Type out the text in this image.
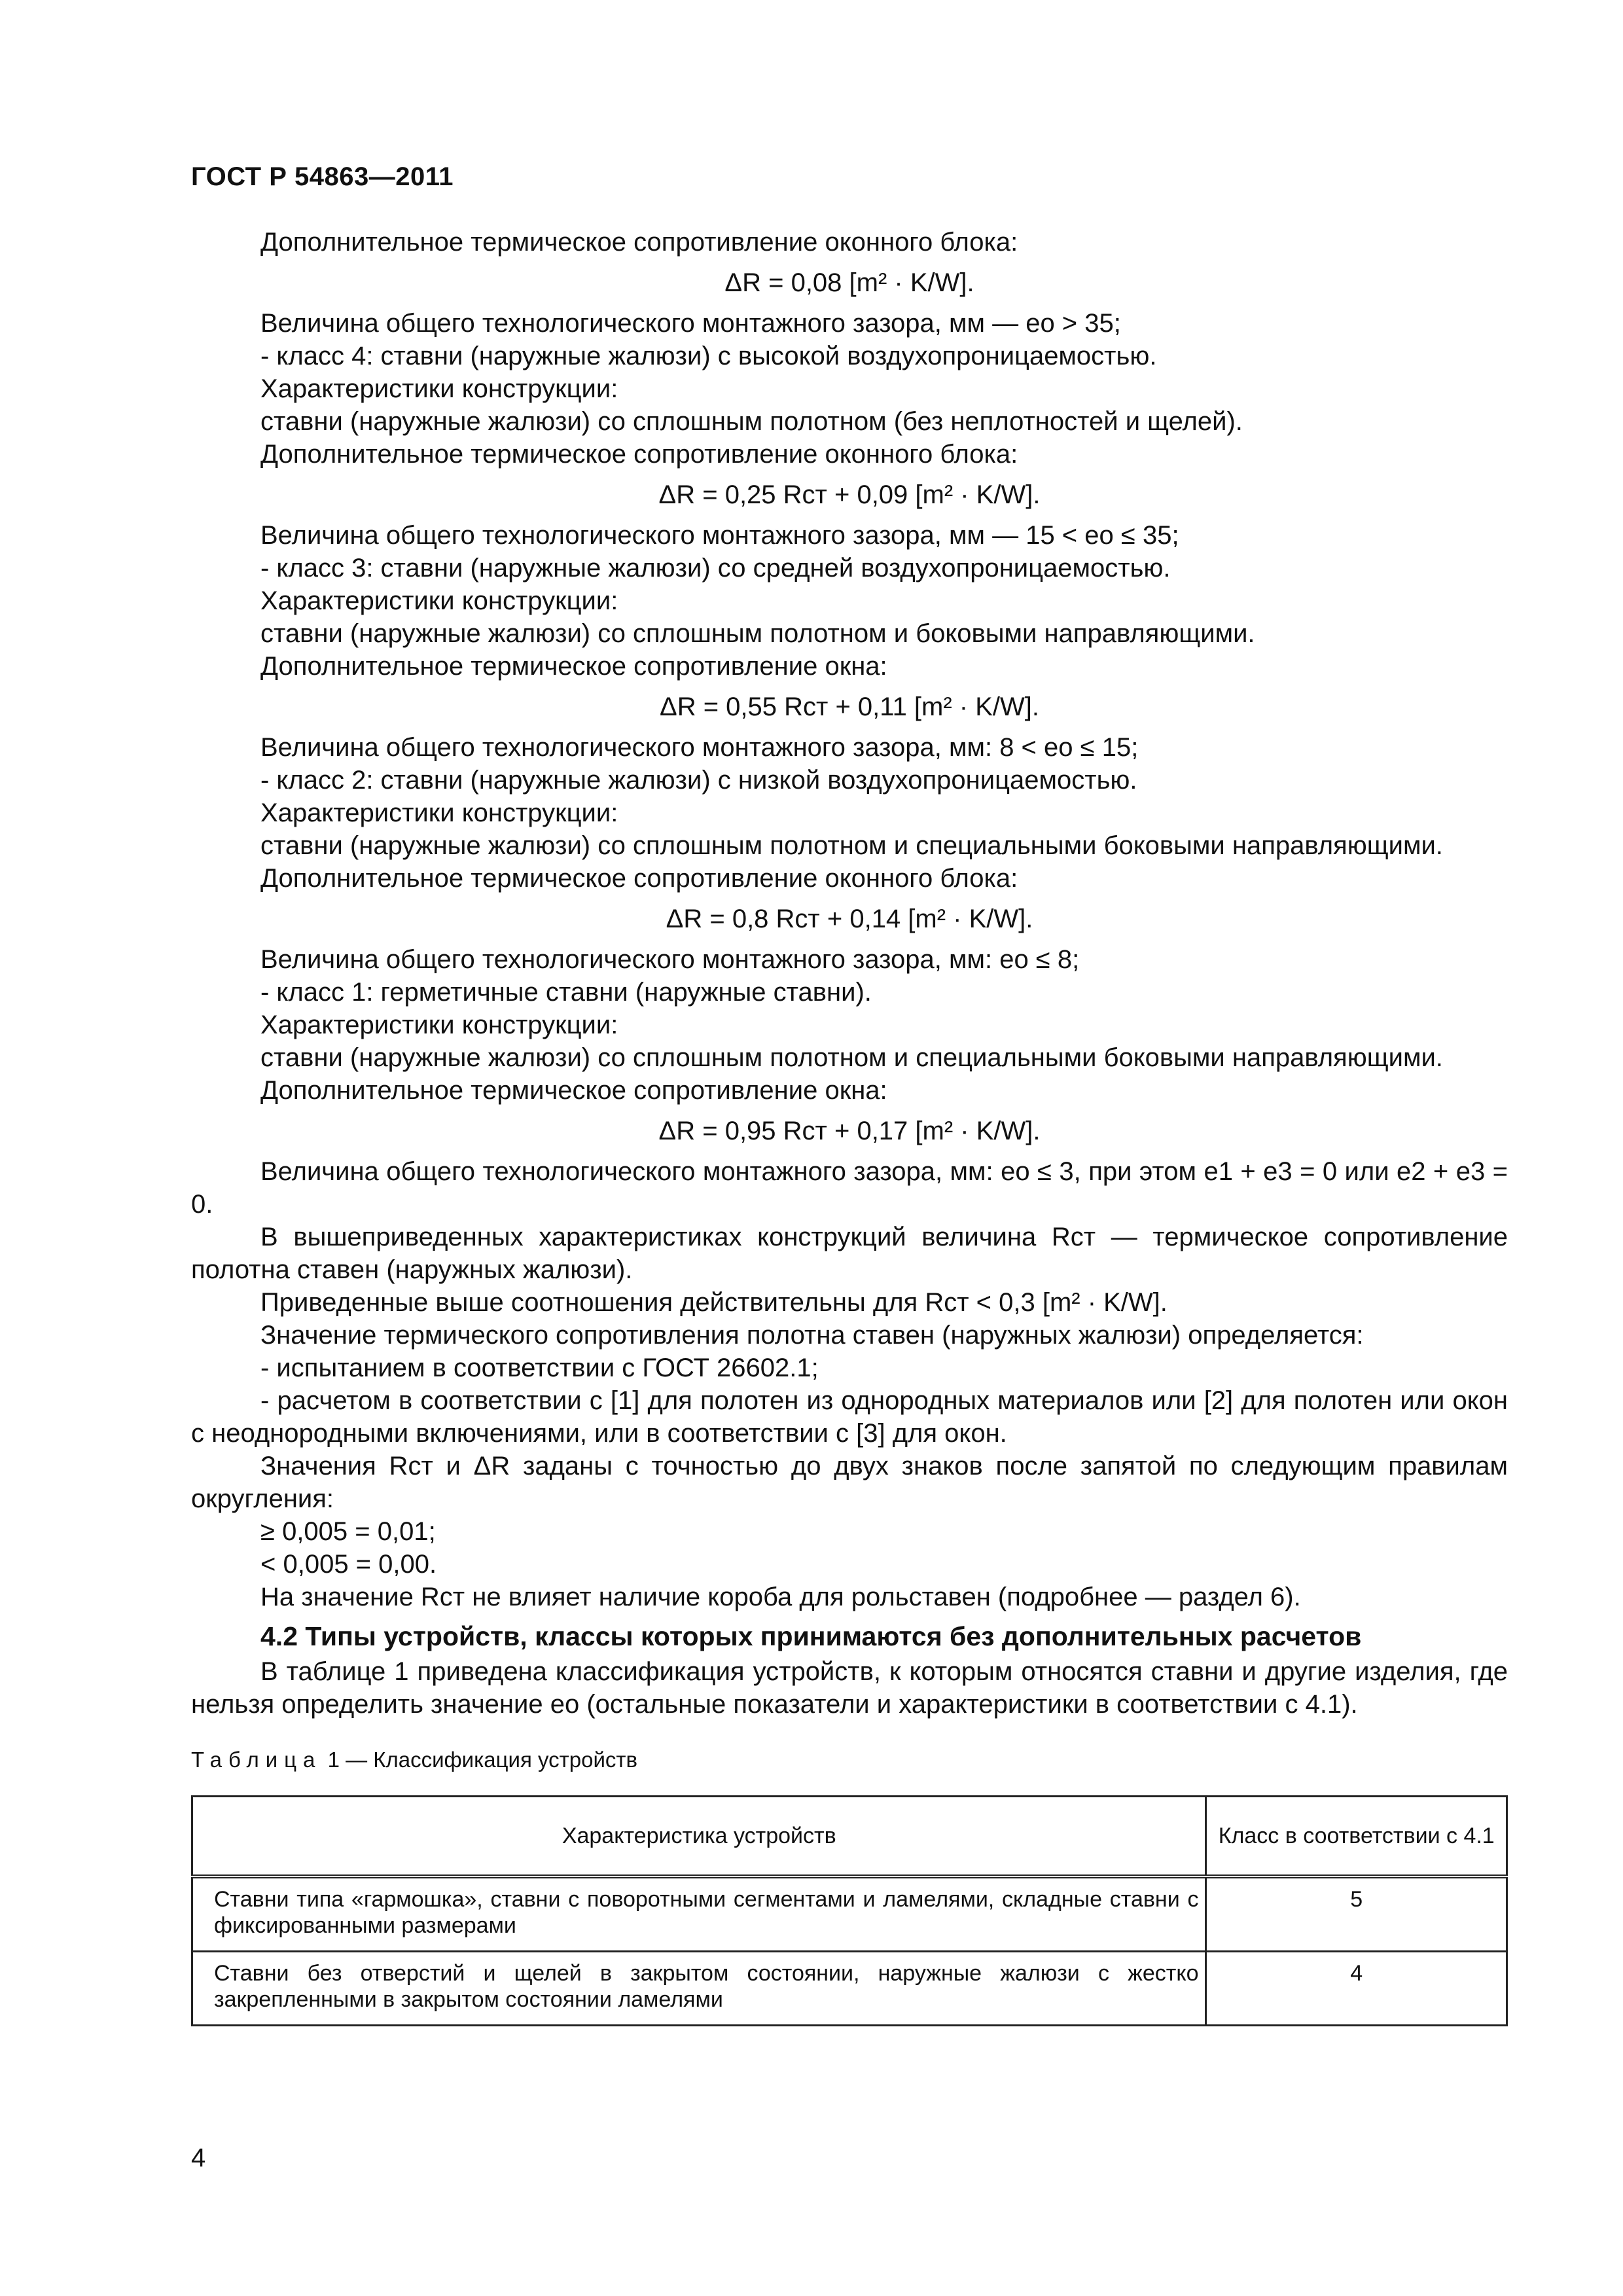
ГОСТ Р 54863—2011

Дополнительное термическое сопротивление оконного блока:

ΔR = 0,08 [m² · K/W].

Величина общего технологического монтажного зазора, мм — eо > 35;

- класс 4: ставни (наружные жалюзи) с высокой воздухопроницаемостью.

Характеристики конструкции:

ставни (наружные жалюзи) со сплошным полотном (без неплотностей и щелей).

Дополнительное термическое сопротивление оконного блока:

ΔR = 0,25 Rст + 0,09 [m² · K/W].

Величина общего технологического монтажного зазора, мм — 15 < eо ≤ 35;

- класс 3: ставни (наружные жалюзи) со средней воздухопроницаемостью.

Характеристики конструкции:

ставни (наружные жалюзи) со сплошным полотном и боковыми направляющими.

Дополнительное термическое сопротивление окна:

ΔR = 0,55 Rст + 0,11 [m² · K/W].

Величина общего технологического монтажного зазора, мм: 8 < eо ≤ 15;

- класс 2: ставни (наружные жалюзи) с низкой воздухопроницаемостью.

Характеристики конструкции:

ставни (наружные жалюзи) со сплошным полотном и специальными боковыми направляющими.

Дополнительное термическое сопротивление оконного блока:

ΔR = 0,8 Rст + 0,14 [m² · K/W].

Величина общего технологического монтажного зазора, мм: eо ≤ 8;

- класс 1: герметичные ставни (наружные ставни).

Характеристики конструкции:

ставни (наружные жалюзи) со сплошным полотном и специальными боковыми направляющими.

Дополнительное термическое сопротивление окна:

ΔR = 0,95 Rст + 0,17 [m² · K/W].

Величина общего технологического монтажного зазора, мм: eо ≤ 3, при этом e1 + e3 = 0 или e2 + e3 = 0.

В вышеприведенных характеристиках конструкций величина Rст — термическое сопротивление полотна ставен (наружных жалюзи).

Приведенные выше соотношения действительны для Rст < 0,3 [m² · K/W].

Значение термического сопротивления полотна ставен (наружных жалюзи) определяется:

- испытанием в соответствии с ГОСТ 26602.1;

- расчетом в соответствии с [1] для полотен из однородных материалов или [2] для полотен или окон с неоднородными включениями, или в соответствии с [3] для окон.

Значения Rст и ΔR заданы с точностью до двух знаков после запятой по следующим правилам округления:

≥ 0,005 = 0,01;

< 0,005 = 0,00.

На значение Rст не влияет наличие короба для рольставен (подробнее — раздел 6).

4.2 Типы устройств, классы которых принимаются без дополнительных расчетов

В таблице 1 приведена классификация устройств, к которым относятся ставни и другие изделия, где нельзя определить значение eо (остальные показатели и характеристики в соответствии с 4.1).

Таблица 1 — Классификация устройств
Характеристика устройств	Класс в соответствии с 4.1
Ставни типа «гармошка», ставни с поворотными сегментами и ламелями, складные ставни с фиксированными размерами	5
Ставни без отверстий и щелей в закрытом состоянии, наружные жалюзи с жестко закрепленными в закрытом состоянии ламелями	4
4
